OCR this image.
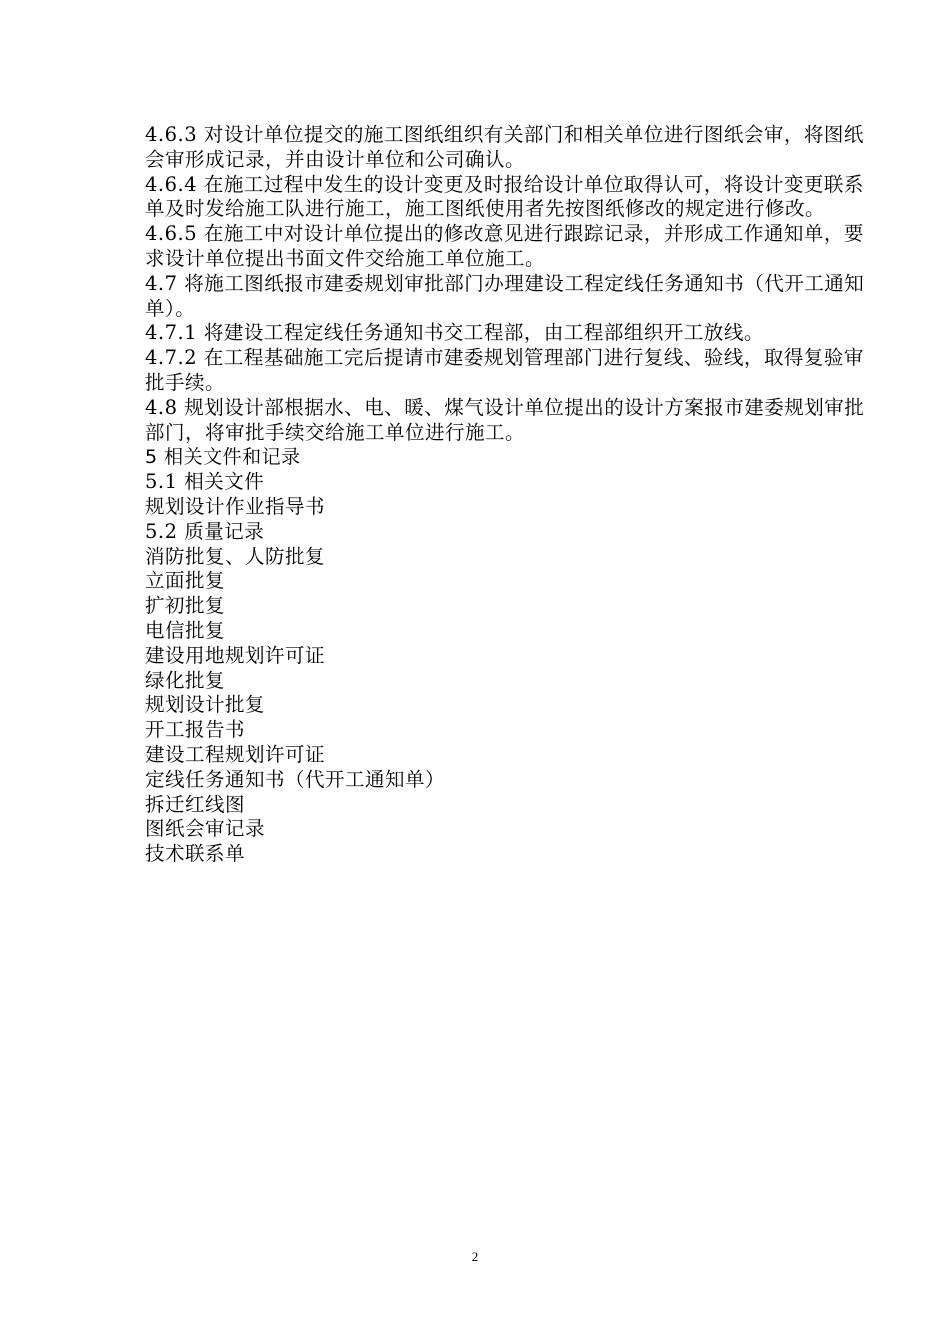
4.6.3 对设计单位提交的施工图纸组织有关部门和相关单位进行图纸会审，将图纸会审形成记录，并由设计单位和公司确认。

4.6.4 在施工过程中发生的设计变更及时报给设计单位取得认可，将设计变更联系单及时发给施工队进行施工，施工图纸使用者先按图纸修改的规定进行修改。

4.6.5 在施工中对设计单位提出的修改意见进行跟踪记录，并形成工作通知单，要求设计单位提出书面文件交给施工单位施工。

4.7 将施工图纸报市建委规划审批部门办理建设工程定线任务通知书（代开工通知单）。

4.7.1 将建设工程定线任务通知书交工程部，由工程部组织开工放线。

4.7.2 在工程基础施工完后提请市建委规划管理部门进行复线、验线，取得复验审批手续。

4.8 规划设计部根据水、电、暖、煤气设计单位提出的设计方案报市建委规划审批部门，将审批手续交给施工单位进行施工。

5 相关文件和记录

5.1 相关文件

规划设计作业指导书

5.2 质量记录

消防批复、人防批复

立面批复

扩初批复

电信批复

建设用地规划许可证

绿化批复

规划设计批复

开工报告书

建设工程规划许可证

定线任务通知书（代开工通知单）

拆迁红线图

图纸会审记录

技术联系单

2
